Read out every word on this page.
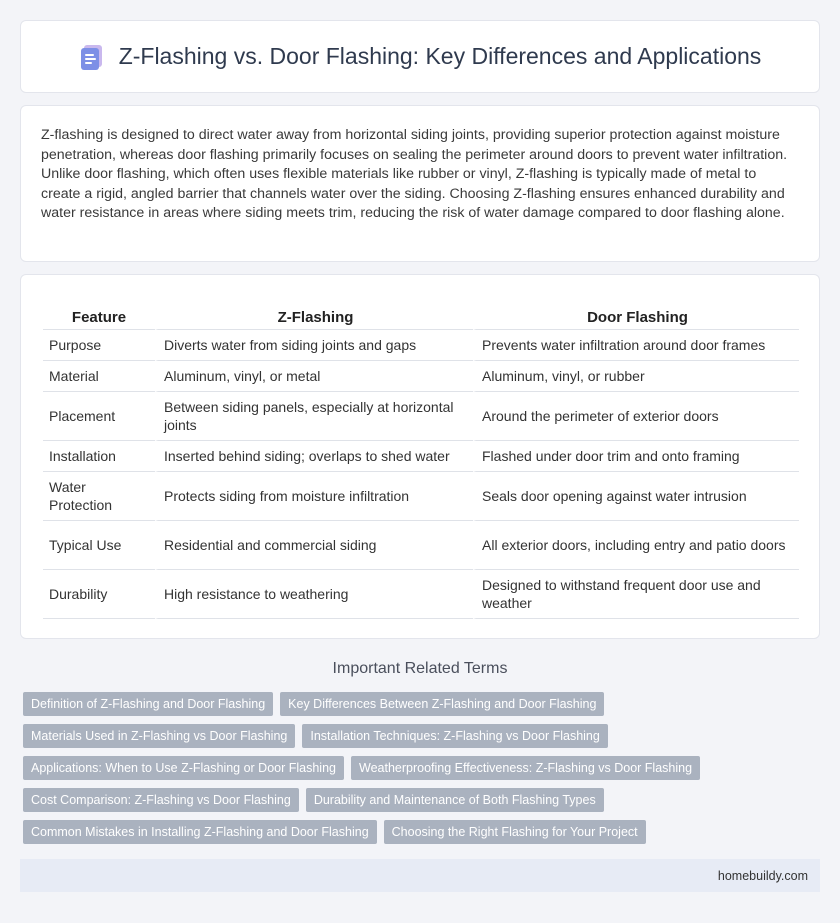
Z-Flashing vs. Door Flashing: Key Differences and Applications

Z-flashing is designed to direct water away from horizontal siding joints, providing superior protection against moisture penetration, whereas door flashing primarily focuses on sealing the perimeter around doors to prevent water infiltration. Unlike door flashing, which often uses flexible materials like rubber or vinyl, Z-flashing is typically made of metal to create a rigid, angled barrier that channels water over the siding. Choosing Z-flashing ensures enhanced durability and water resistance in areas where siding meets trim, reducing the risk of water damage compared to door flashing alone.

Feature	Z-Flashing	Door Flashing
Purpose	Diverts water from siding joints and gaps	Prevents water infiltration around door frames
Material	Aluminum, vinyl, or metal	Aluminum, vinyl, or rubber
Placement	Between siding panels, especially at horizontal joints	Around the perimeter of exterior doors
Installation	Inserted behind siding; overlaps to shed water	Flashed under door trim and onto framing
Water Protection	Protects siding from moisture infiltration	Seals door opening against water intrusion
Typical Use	Residential and commercial siding	All exterior doors, including entry and patio doors
Durability	High resistance to weathering	Designed to withstand frequent door use and weather
Important Related Terms
Definition of Z-Flashing and Door Flashing	Key Differences Between Z-Flashing and Door Flashing
Materials Used in Z-Flashing vs Door Flashing	Installation Techniques: Z-Flashing vs Door Flashing
Applications: When to Use Z-Flashing or Door Flashing	Weatherproofing Effectiveness: Z-Flashing vs Door Flashing
Cost Comparison: Z-Flashing vs Door Flashing	Durability and Maintenance of Both Flashing Types
Common Mistakes in Installing Z-Flashing and Door Flashing	Choosing the Right Flashing for Your Project
homebuildy.com
